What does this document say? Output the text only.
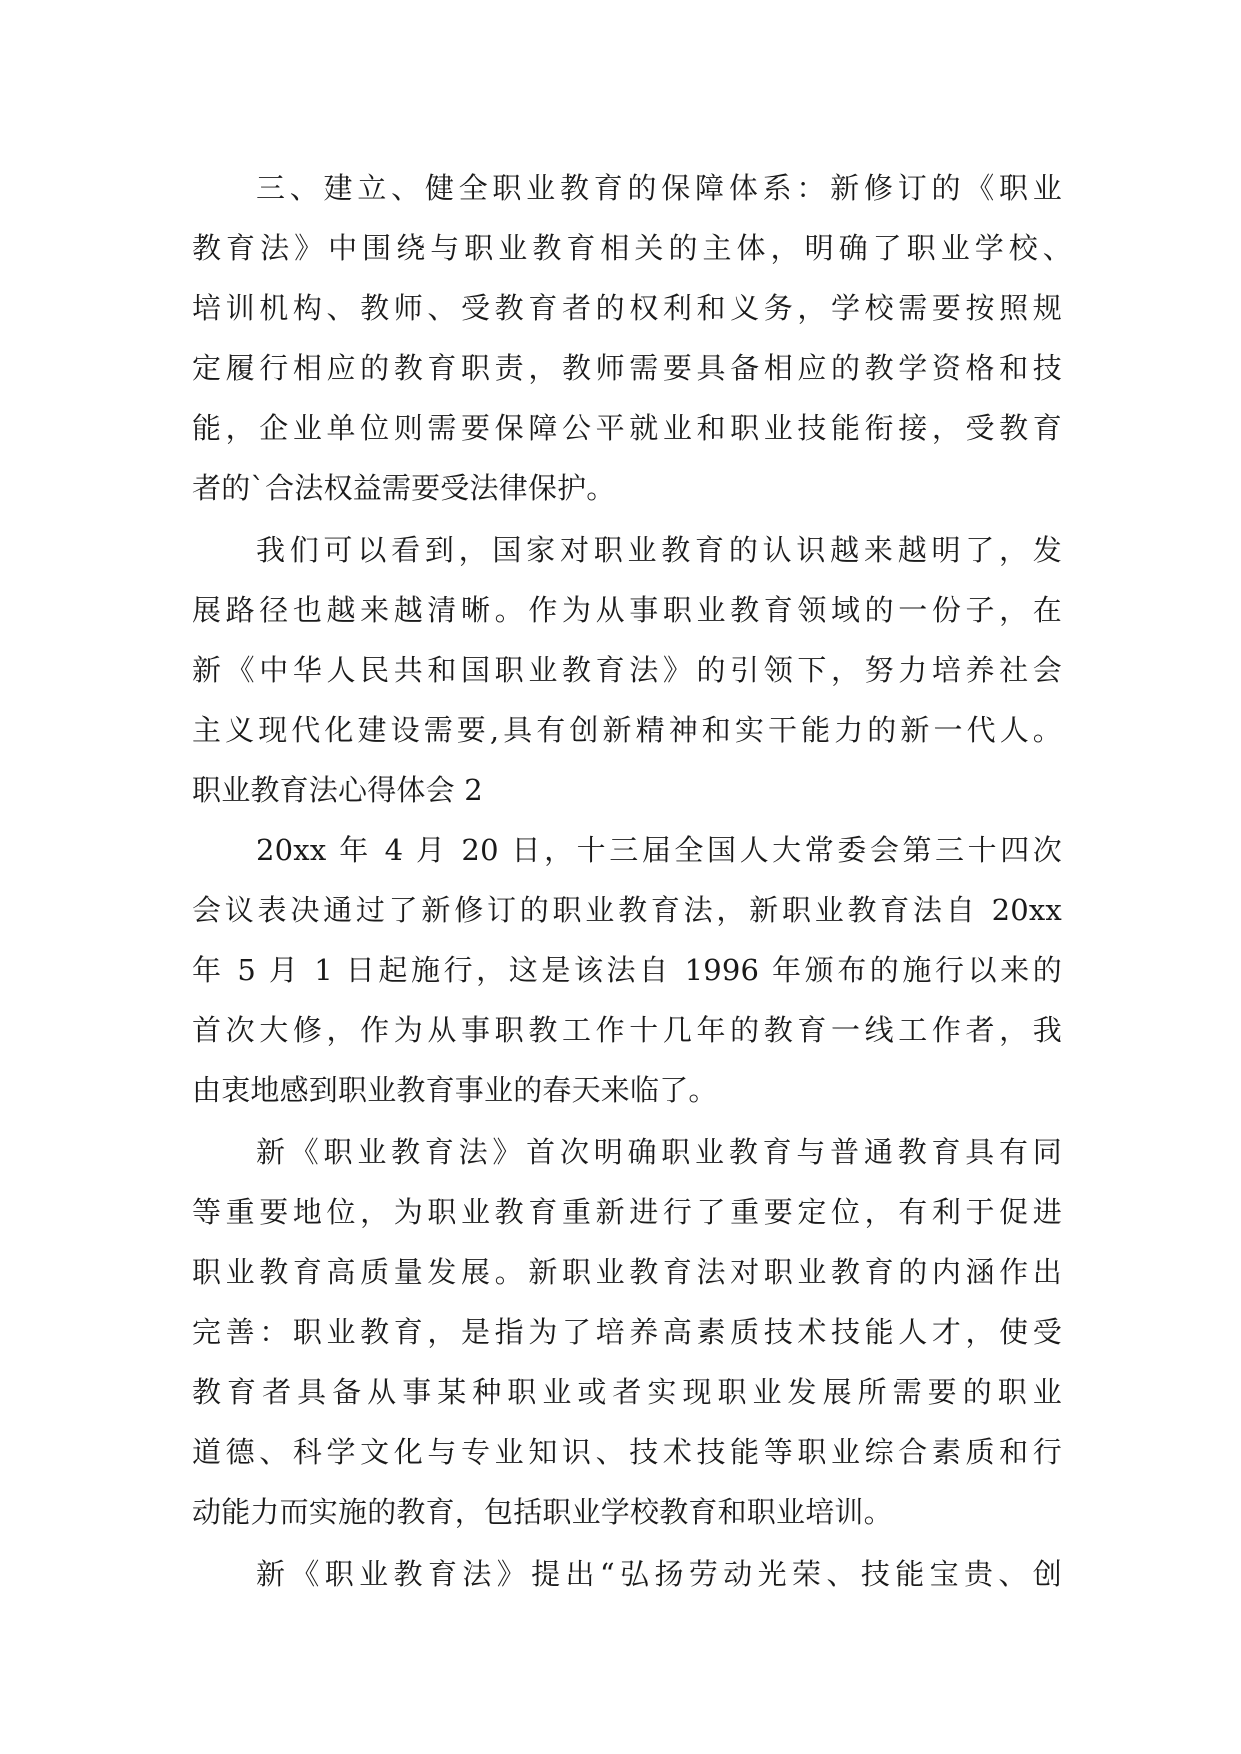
三、建立、健全职业教育的保障体系：新修订的《职业

教育法》中围绕与职业教育相关的主体，明确了职业学校、

培训机构、教师、受教育者的权利和义务，学校需要按照规

定履行相应的教育职责，教师需要具备相应的教学资格和技

能，企业单位则需要保障公平就业和职业技能衔接，受教育

者的`合法权益需要受法律保护。

我们可以看到，国家对职业教育的认识越来越明了，发

展路径也越来越清晰。作为从事职业教育领域的一份子，在

新《中华人民共和国职业教育法》的引领下，努力培养社会

主义现代化建设需要,具有创新精神和实干能力的新一代人。

职业教育法心得体会 2

20xx 年 4 月 20 日，十三届全国人大常委会第三十四次

会议表决通过了新修订的职业教育法，新职业教育法自 20xx

年 5 月 1 日起施行，这是该法自 1996 年颁布的施行以来的

首次大修，作为从事职教工作十几年的教育一线工作者，我

由衷地感到职业教育事业的春天来临了。

新《职业教育法》首次明确职业教育与普通教育具有同

等重要地位，为职业教育重新进行了重要定位，有利于促进

职业教育高质量发展。新职业教育法对职业教育的内涵作出

完善：职业教育，是指为了培养高素质技术技能人才，使受

教育者具备从事某种职业或者实现职业发展所需要的职业

道德、科学文化与专业知识、技术技能等职业综合素质和行

动能力而实施的教育，包括职业学校教育和职业培训。

新《职业教育法》提出“弘扬劳动光荣、技能宝贵、创
